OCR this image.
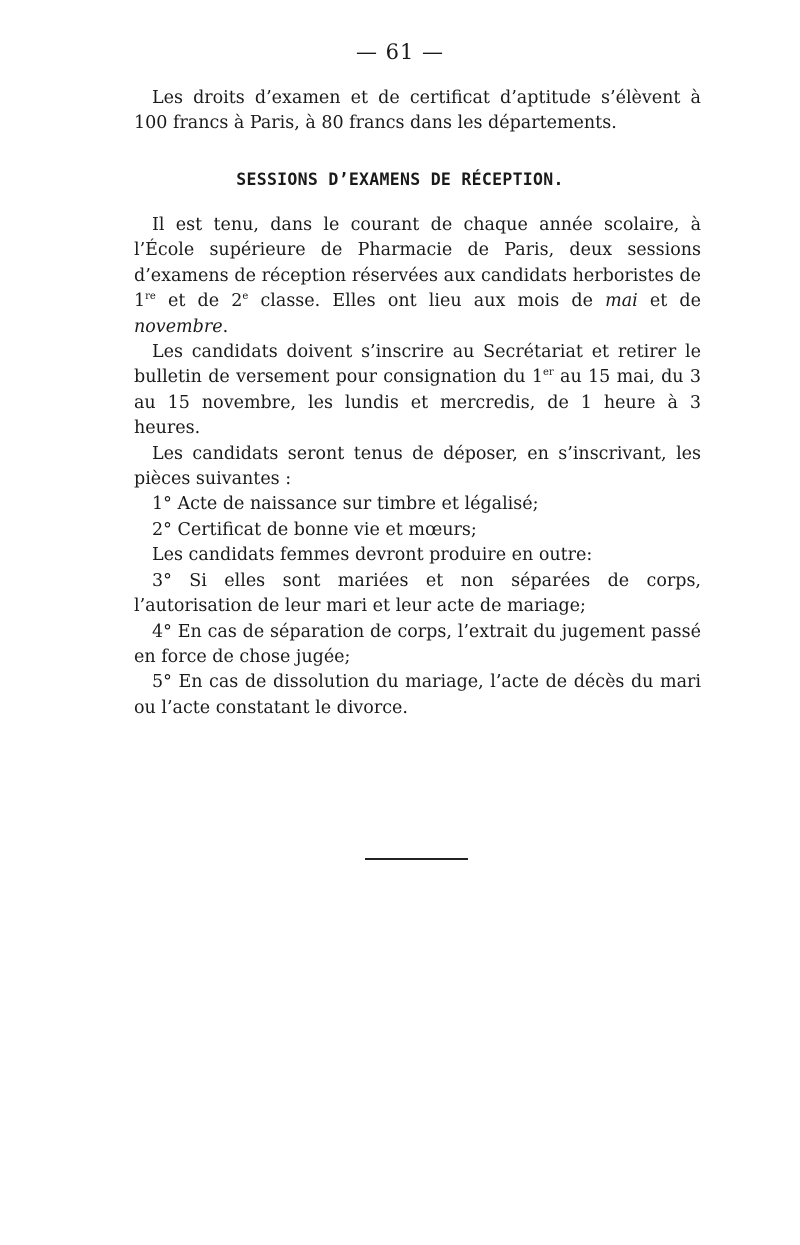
— 61 —

Les droits d’examen et de certificat d’aptitude s’élèvent à 100 francs à Paris, à 80 francs dans les départements.

SESSIONS D’EXAMENS DE RÉCEPTION.

Il est tenu, dans le courant de chaque année scolaire, à l’École supérieure de Pharmacie de Paris, deux sessions d’examens de réception réservées aux candidats herboristes de 1re et de 2e classe. Elles ont lieu aux mois de mai et de novembre.

Les candidats doivent s’inscrire au Secrétariat et retirer le bulletin de versement pour consignation du 1er au 15 mai, du 3 au 15 novembre, les lundis et mercredis, de 1 heure à 3 heures.

Les candidats seront tenus de déposer, en s’inscrivant, les pièces suivantes :

1° Acte de naissance sur timbre et légalisé;

2° Certificat de bonne vie et mœurs;

Les candidats femmes devront produire en outre:

3° Si elles sont mariées et non séparées de corps, l’autorisation de leur mari et leur acte de mariage;

4° En cas de séparation de corps, l’extrait du jugement passé en force de chose jugée;

5° En cas de dissolution du mariage, l’acte de décès du mari ou l’acte constatant le divorce.
